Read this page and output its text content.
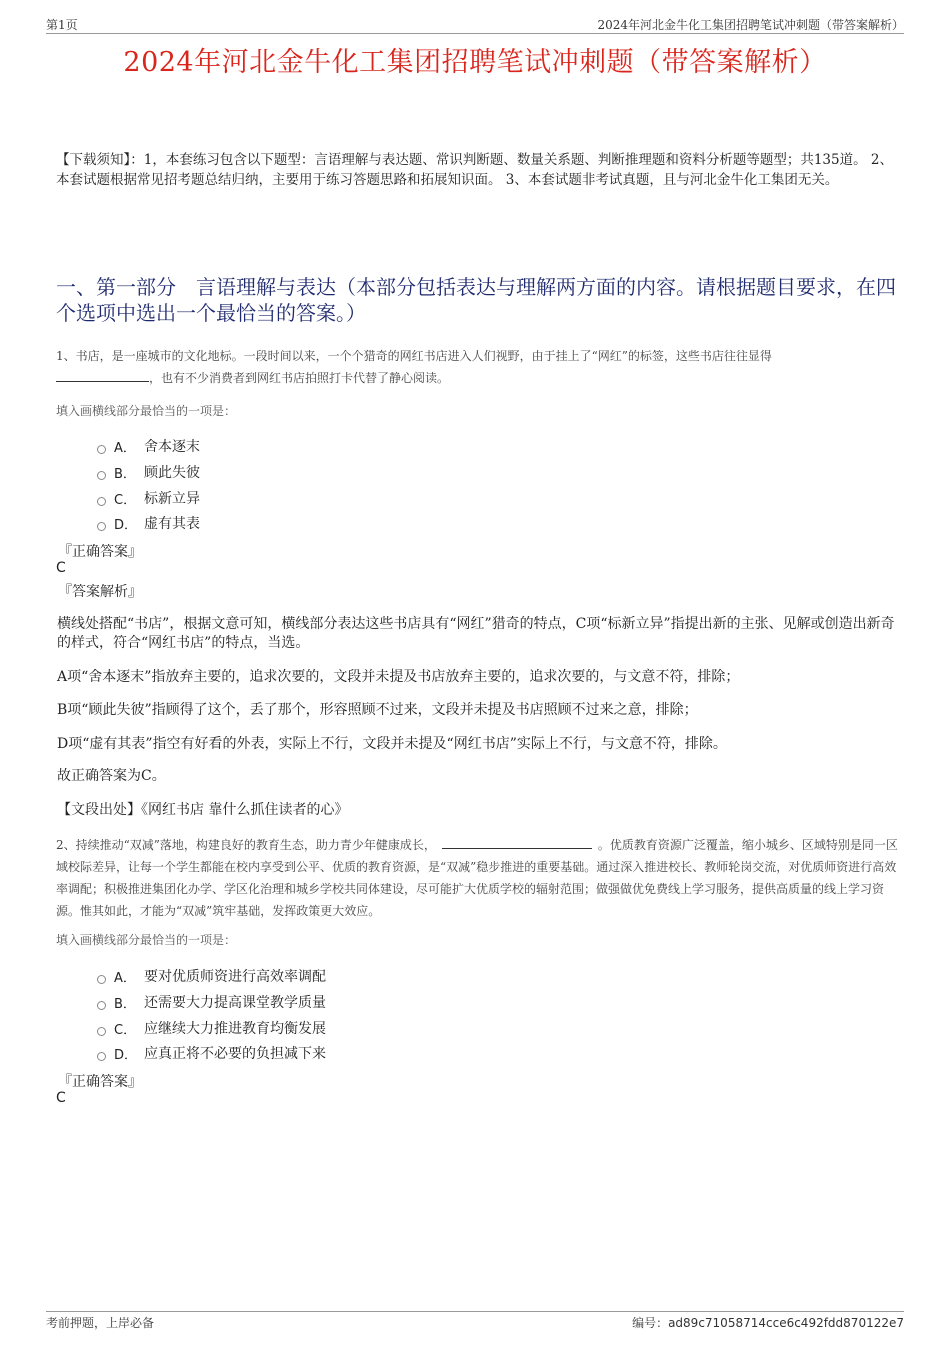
第1页	2024年河北金牛化工集团招聘笔试冲刺题（带答案解析）
2024年河北金牛化工集团招聘笔试冲刺题（带答案解析）
【下载须知】：1，本套练习包含以下题型：言语理解与表达题、常识判断题、数量关系题、判断推理题和资料分析题等题型；共135道。 2、本套试题根据常见招考题总结归纳，主要用于练习答题思路和拓展知识面。 3、本套试题非考试真题，且与河北金牛化工集团无关。
一、第一部分　言语理解与表达（本部分包括表达与理解两方面的内容。请根据题目要求，在四个选项中选出一个最恰当的答案。）
1、书店，是一座城市的文化地标。一段时间以来，一个个猎奇的网红书店进入人们视野，由于挂上了“网红”的标签，这些书店往往显得
，也有不少消费者到网红书店拍照打卡代替了静心阅读。
填入画横线部分最恰当的一项是：
A． 舍本逐末
B． 顾此失彼
C． 标新立异
D． 虚有其表
『正确答案』
C
『答案解析』
横线处搭配“书店”，根据文意可知，横线部分表达这些书店具有“网红”猎奇的特点，C项“标新立异”指提出新的主张、见解或创造出新奇的样式，符合“网红书店”的特点，当选。
A项“舍本逐末”指放弃主要的，追求次要的，文段并未提及书店放弃主要的，追求次要的，与文意不符，排除；
B项“顾此失彼”指顾得了这个，丢了那个，形容照顾不过来，文段并未提及书店照顾不过来之意，排除；
D项“虚有其表”指空有好看的外表，实际上不行，文段并未提及“网红书店”实际上不行，与文意不符，排除。
故正确答案为C。
【文段出处】《网红书店 靠什么抓住读者的心》
2、持续推动“双减”落地，构建良好的教育生态，助力青少年健康成长，	。优质教育资源广泛覆盖，缩小城乡、区域特别是同一区域校际差异，让每一个学生都能在校内享受到公平、优质的教育资源，是“双减”稳步推进的重要基础。通过深入推进校长、教师轮岗交流，对优质师资进行高效率调配；积极推进集团化办学、学区化治理和城乡学校共同体建设，尽可能扩大优质学校的辐射范围；做强做优免费线上学习服务，提供高质量的线上学习资源。惟其如此，才能为“双减”筑牢基础，发挥政策更大效应。
填入画横线部分最恰当的一项是：
A． 要对优质师资进行高效率调配
B． 还需要大力提高课堂教学质量
C． 应继续大力推进教育均衡发展
D． 应真正将不必要的负担减下来
『正确答案』
C
考前押题，上岸必备	编号：ad89c71058714cce6c492fdd870122e7
